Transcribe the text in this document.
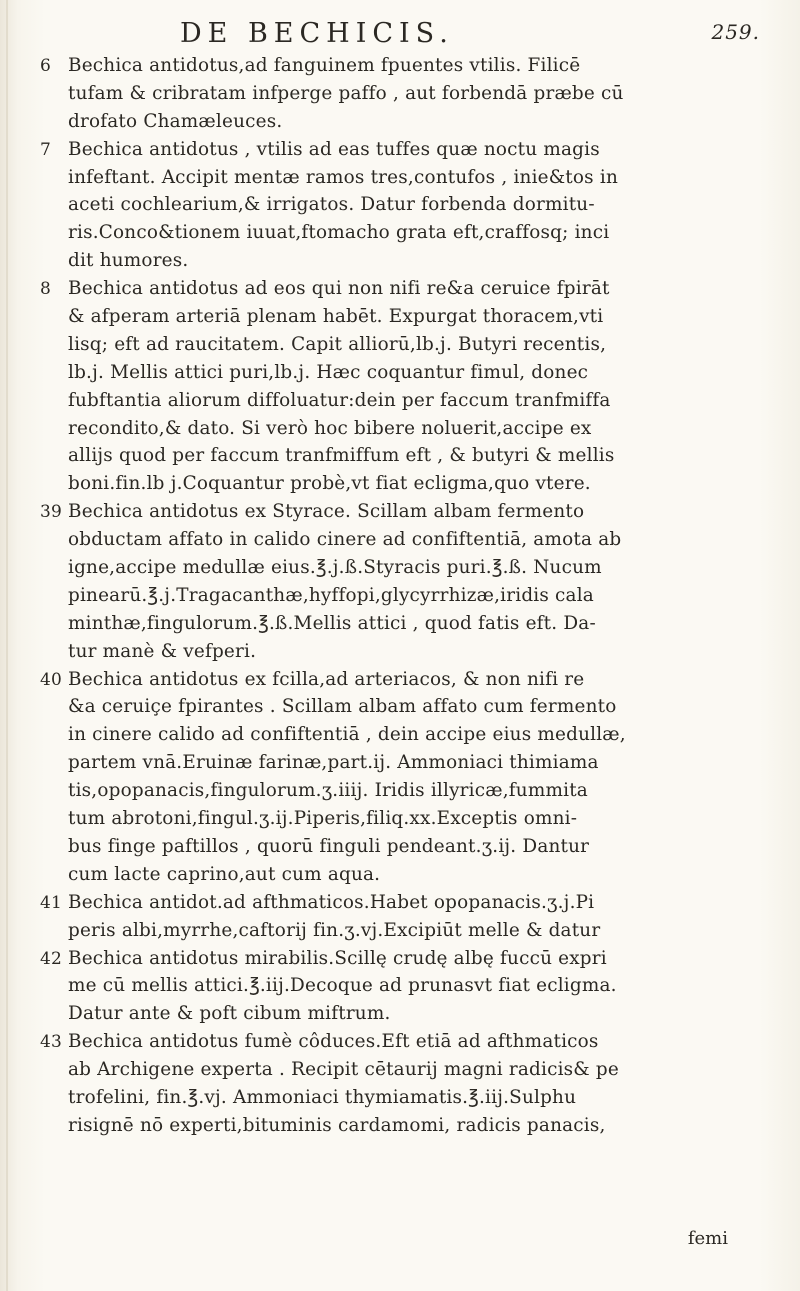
DE BECHICIS.	259.
6 Bechica antidotus,ad fanguinem fpuentes vtilis. Filicē
tufam & cribratam infperge paffo , aut forbendā præbe cū
drofato Chamæleuces.
7 Bechica antidotus , vtilis ad eas tuffes quæ noctu magis
infeftant. Accipit mentæ ramos tres,contufos , inie&tos in
aceti cochlearium,& irrigatos. Datur forbenda dormitu-
ris.Conco&tionem iuuat,ftomacho grata eft,craffosq; inci
dit humores.
8 Bechica antidotus ad eos qui non nifi re&a ceruice fpirāt
& afperam arteriā plenam habēt. Expurgat thoracem,vti
lisq; eft ad raucitatem. Capit alliorū,lb.j. Butyri recentis,
lb.j. Mellis attici puri,lb.j. Hæc coquantur fimul, donec
fubftantia aliorum diffoluatur:dein per faccum tranfmiffa
recondito,& dato. Si verò hoc bibere noluerit,accipe ex
allijs quod per faccum tranfmiffum eft , & butyri & mellis
boni.fin.lb j.Coquantur probè,vt fiat ecligma,quo vtere.
39 Bechica antidotus ex Styrace. Scillam albam fermento
obductam affato in calido cinere ad confiftentiā, amota ab
igne,accipe medullæ eius.℥.j.ß.Styracis puri.℥.ß. Nucum
pinearū.℥.j.Tragacanthæ,hyffopi,glycyrrhizæ,iridis cala
minthæ,fingulorum.℥.ß.Mellis attici , quod fatis eft. Da-
tur manè & vefperi.
40 Bechica antidotus ex fcilla,ad arteriacos, & non nifi re
&a ceruiçe fpirantes . Scillam albam affato cum fermento
in cinere calido ad confiftentiā , dein accipe eius medullæ,
partem vnā.Eruinæ farinæ,part.ij. Ammoniaci thimiama
tis,opopanacis,fingulorum.ʒ.iiij. Iridis illyricæ,fummita
tum abrotoni,fingul.ʒ.ij.Piperis,filiq.xx.Exceptis omni-
bus finge paftillos , quorū finguli pendeant.ʒ.ij. Dantur
cum lacte caprino,aut cum aqua.
41 Bechica antidot.ad afthmaticos.Habet opopanacis.ʒ.j.Pi
peris albi,myrrhe,caftorij fin.ʒ.vj.Excipiūt melle & datur
42 Bechica antidotus mirabilis.Scillę crudę albę fuccū expri
me cū mellis attici.℥.iij.Decoque ad prunasvt fiat ecligma.
Datur ante & poft cibum miftrum.
43 Bechica antidotus fumè côduces.Eft etiā ad afthmaticos
ab Archigene experta . Recipit cētaurij magni radicis& pe
trofelini, fin.℥.vj. Ammoniaci thymiamatis.℥.iij.Sulphu
risignē nō experti,bituminis cardamomi, radicis panacis,
femi
